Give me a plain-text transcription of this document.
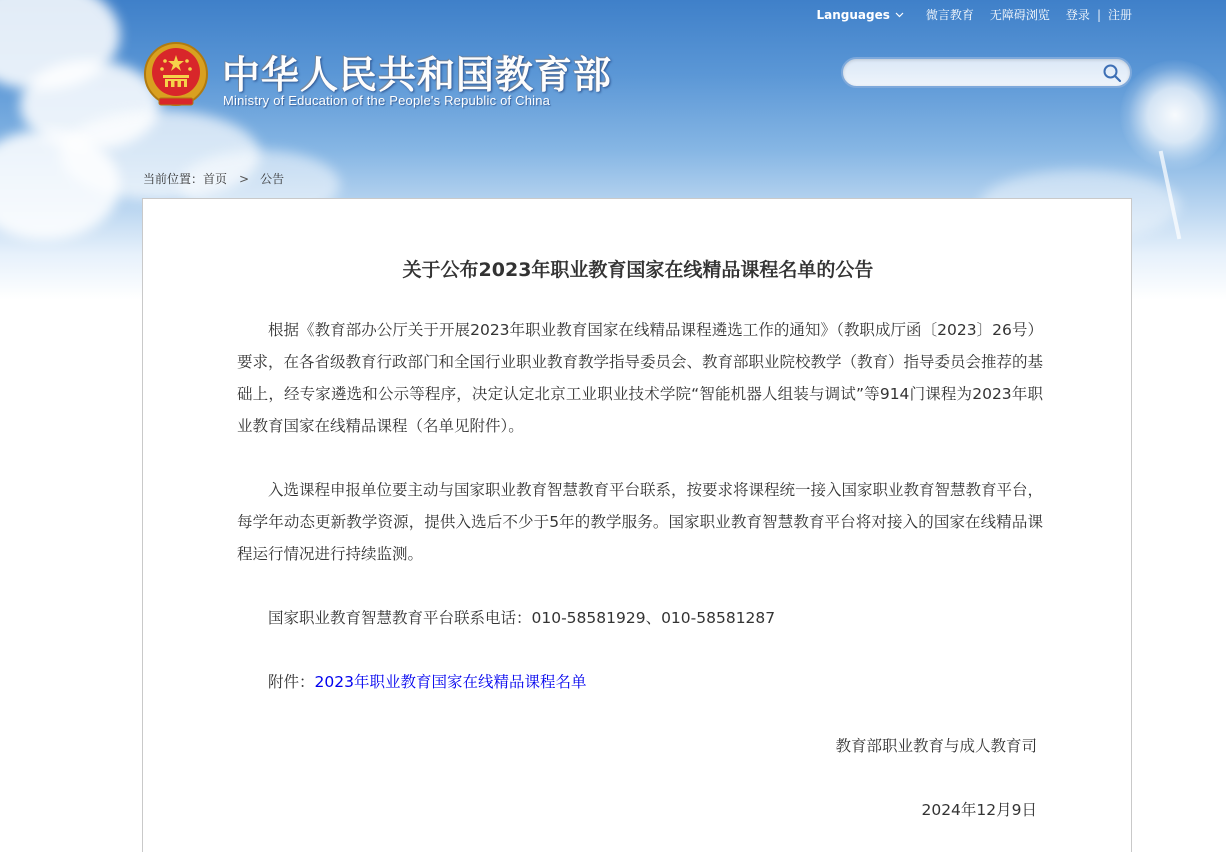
Languages	微言教育 无障碍浏览 登录 | 注册
中华人民共和国教育部
Ministry of Education of the People's Republic of China
当前位置： 首页 > 公告
关于公布2023年职业教育国家在线精品课程名单的公告

根据《教育部办公厅关于开展2023年职业教育国家在线精品课程遴选工作的通知》（教职成厅函〔2023〕26号）要求，在各省级教育行政部门和全国行业职业教育教学指导委员会、教育部职业院校教学（教育）指导委员会推荐的基础上，经专家遴选和公示等程序，决定认定北京工业职业技术学院“智能机器人组装与调试”等914门课程为2023年职业教育国家在线精品课程（名单见附件）。

入选课程申报单位要主动与国家职业教育智慧教育平台联系，按要求将课程统一接入国家职业教育智慧教育平台，每学年动态更新教学资源，提供入选后不少于5年的教学服务。国家职业教育智慧教育平台将对接入的国家在线精品课程运行情况进行持续监测。

国家职业教育智慧教育平台联系电话：010-58581929、010-58581287

附件：2023年职业教育国家在线精品课程名单

教育部职业教育与成人教育司
2024年12月9日
